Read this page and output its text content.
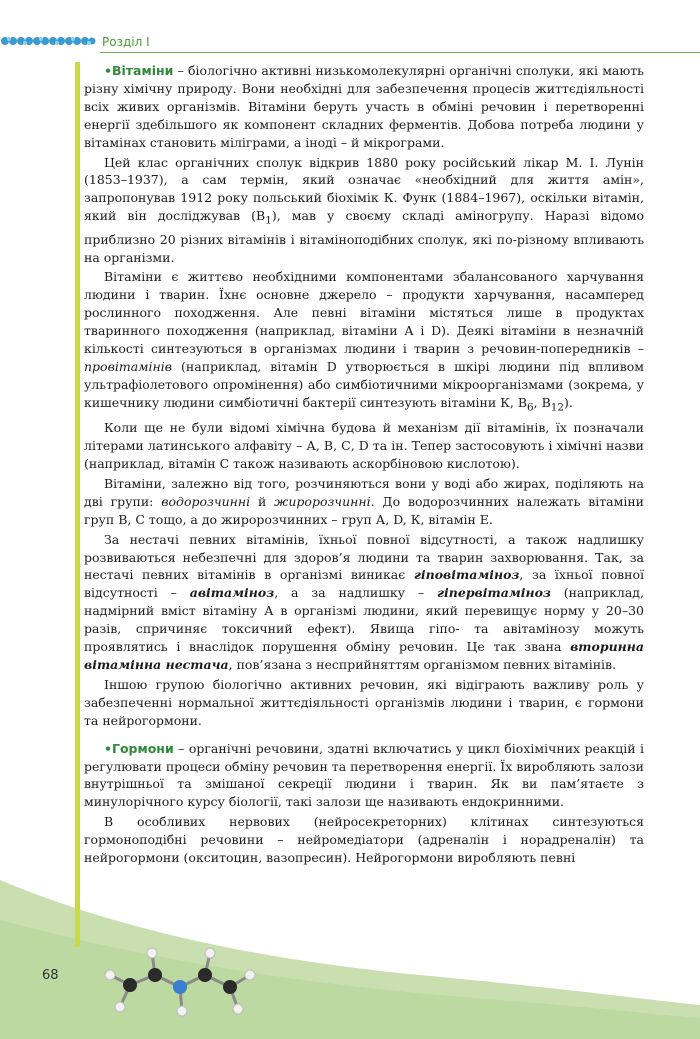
Розділ І

•Вітаміни – біологічно активні низькомолекулярні органічні сполуки, які мають різну хімічну природу. Вони необхідні для забезпечення процесів життєдіяльності всіх живих організмів. Вітаміни беруть участь в обміні речовин і перетворенні енергії здебільшого як компонент складних ферментів. Добова потреба людини у вітамінах становить міліграми, а іноді – й мікрограми.

Цей клас органічних сполук відкрив 1880 року російський лікар М. І. Лунін (1853–1937), а сам термін, який означає «необхідний для життя амін», запропонував 1912 року польський біохімік К. Функ (1884–1967), оскільки вітамін, який він досліджував $(В_1)$, мав у своєму складі аміногрупу. Наразі відомо приблизно 20 різних вітамінів і вітаміноподібних сполук, які по-різному впливають на організми.

Вітаміни є життєво необхідними компонентами збалансованого харчування людини і тварин. Їхнє основне джерело – продукти харчування, насамперед рослинного походження. Але певні вітаміни містяться лише в продуктах тваринного походження (наприклад, вітаміни А і D). Деякі вітаміни в незначній кількості синтезуються в організмах людини і тварин з речовин-попередників – провітамінів (наприклад, вітамін D утворюється в шкірі людини під впливом ультрафіолетового опромінення) або симбіотичними мікроорганізмами (зокрема, у кишечнику людини симбіотичні бактерії синтезують вітаміни К, $В_6$, $В_{12}$).

Коли ще не були відомі хімічна будова й механізм дії вітамінів, їх позначали літерами латинського алфавіту – А, В, С, D та ін. Тепер застосовують і хімічні назви (наприклад, вітамін С також називають аскорбіновою кислотою).

Вітаміни, залежно від того, розчиняються вони у воді або жирах, поділяють на дві групи: водорозчинні й жиророзчинні. До водорозчинних належать вітаміни груп В, С тощо, а до жиророзчинних – груп А, D, К, вітамін Е.

За нестачі певних вітамінів, їхньої повної відсутності, а також надлишку розвиваються небезпечні для здоров’я людини та тварин захворювання. Так, за нестачі певних вітамінів в організмі виникає гіповітаміноз, за їхньої повної відсутності – авітаміноз, а за надлишку – гіпервітаміноз (наприклад, надмірний вміст вітаміну А в організмі людини, який перевищує норму у 20–30 разів, спричиняє токсичний ефект). Явища гіпо- та авітамінозу можуть проявлятись і внаслідок порушення обміну речовин. Це так звана вторинна вітамінна нестача, пов’язана з несприйняттям організмом певних вітамінів.

Іншою групою біологічно активних речовин, які відіграють важливу роль у забезпеченні нормальної життєдіяльності організмів людини і тварин, є гормони та нейрогормони.

•Гормони – органічні речовини, здатні включатись у цикл біохімічних реакцій і регулювати процеси обміну речовин та перетворення енергії. Їх виробляють залози внутрішньої та змішаної секреції людини і тварин. Як ви пам’ятаєте з минулорічного курсу біології, такі залози ще називають ендокринними.

В особливих нервових (нейросекреторних) клітинах синтезуються гормоноподібні речовини – нейромедіатори (адреналін і норадреналін) та нейрогормони (окситоцин, вазопресин). Нейрогормони виробляють певні

68
